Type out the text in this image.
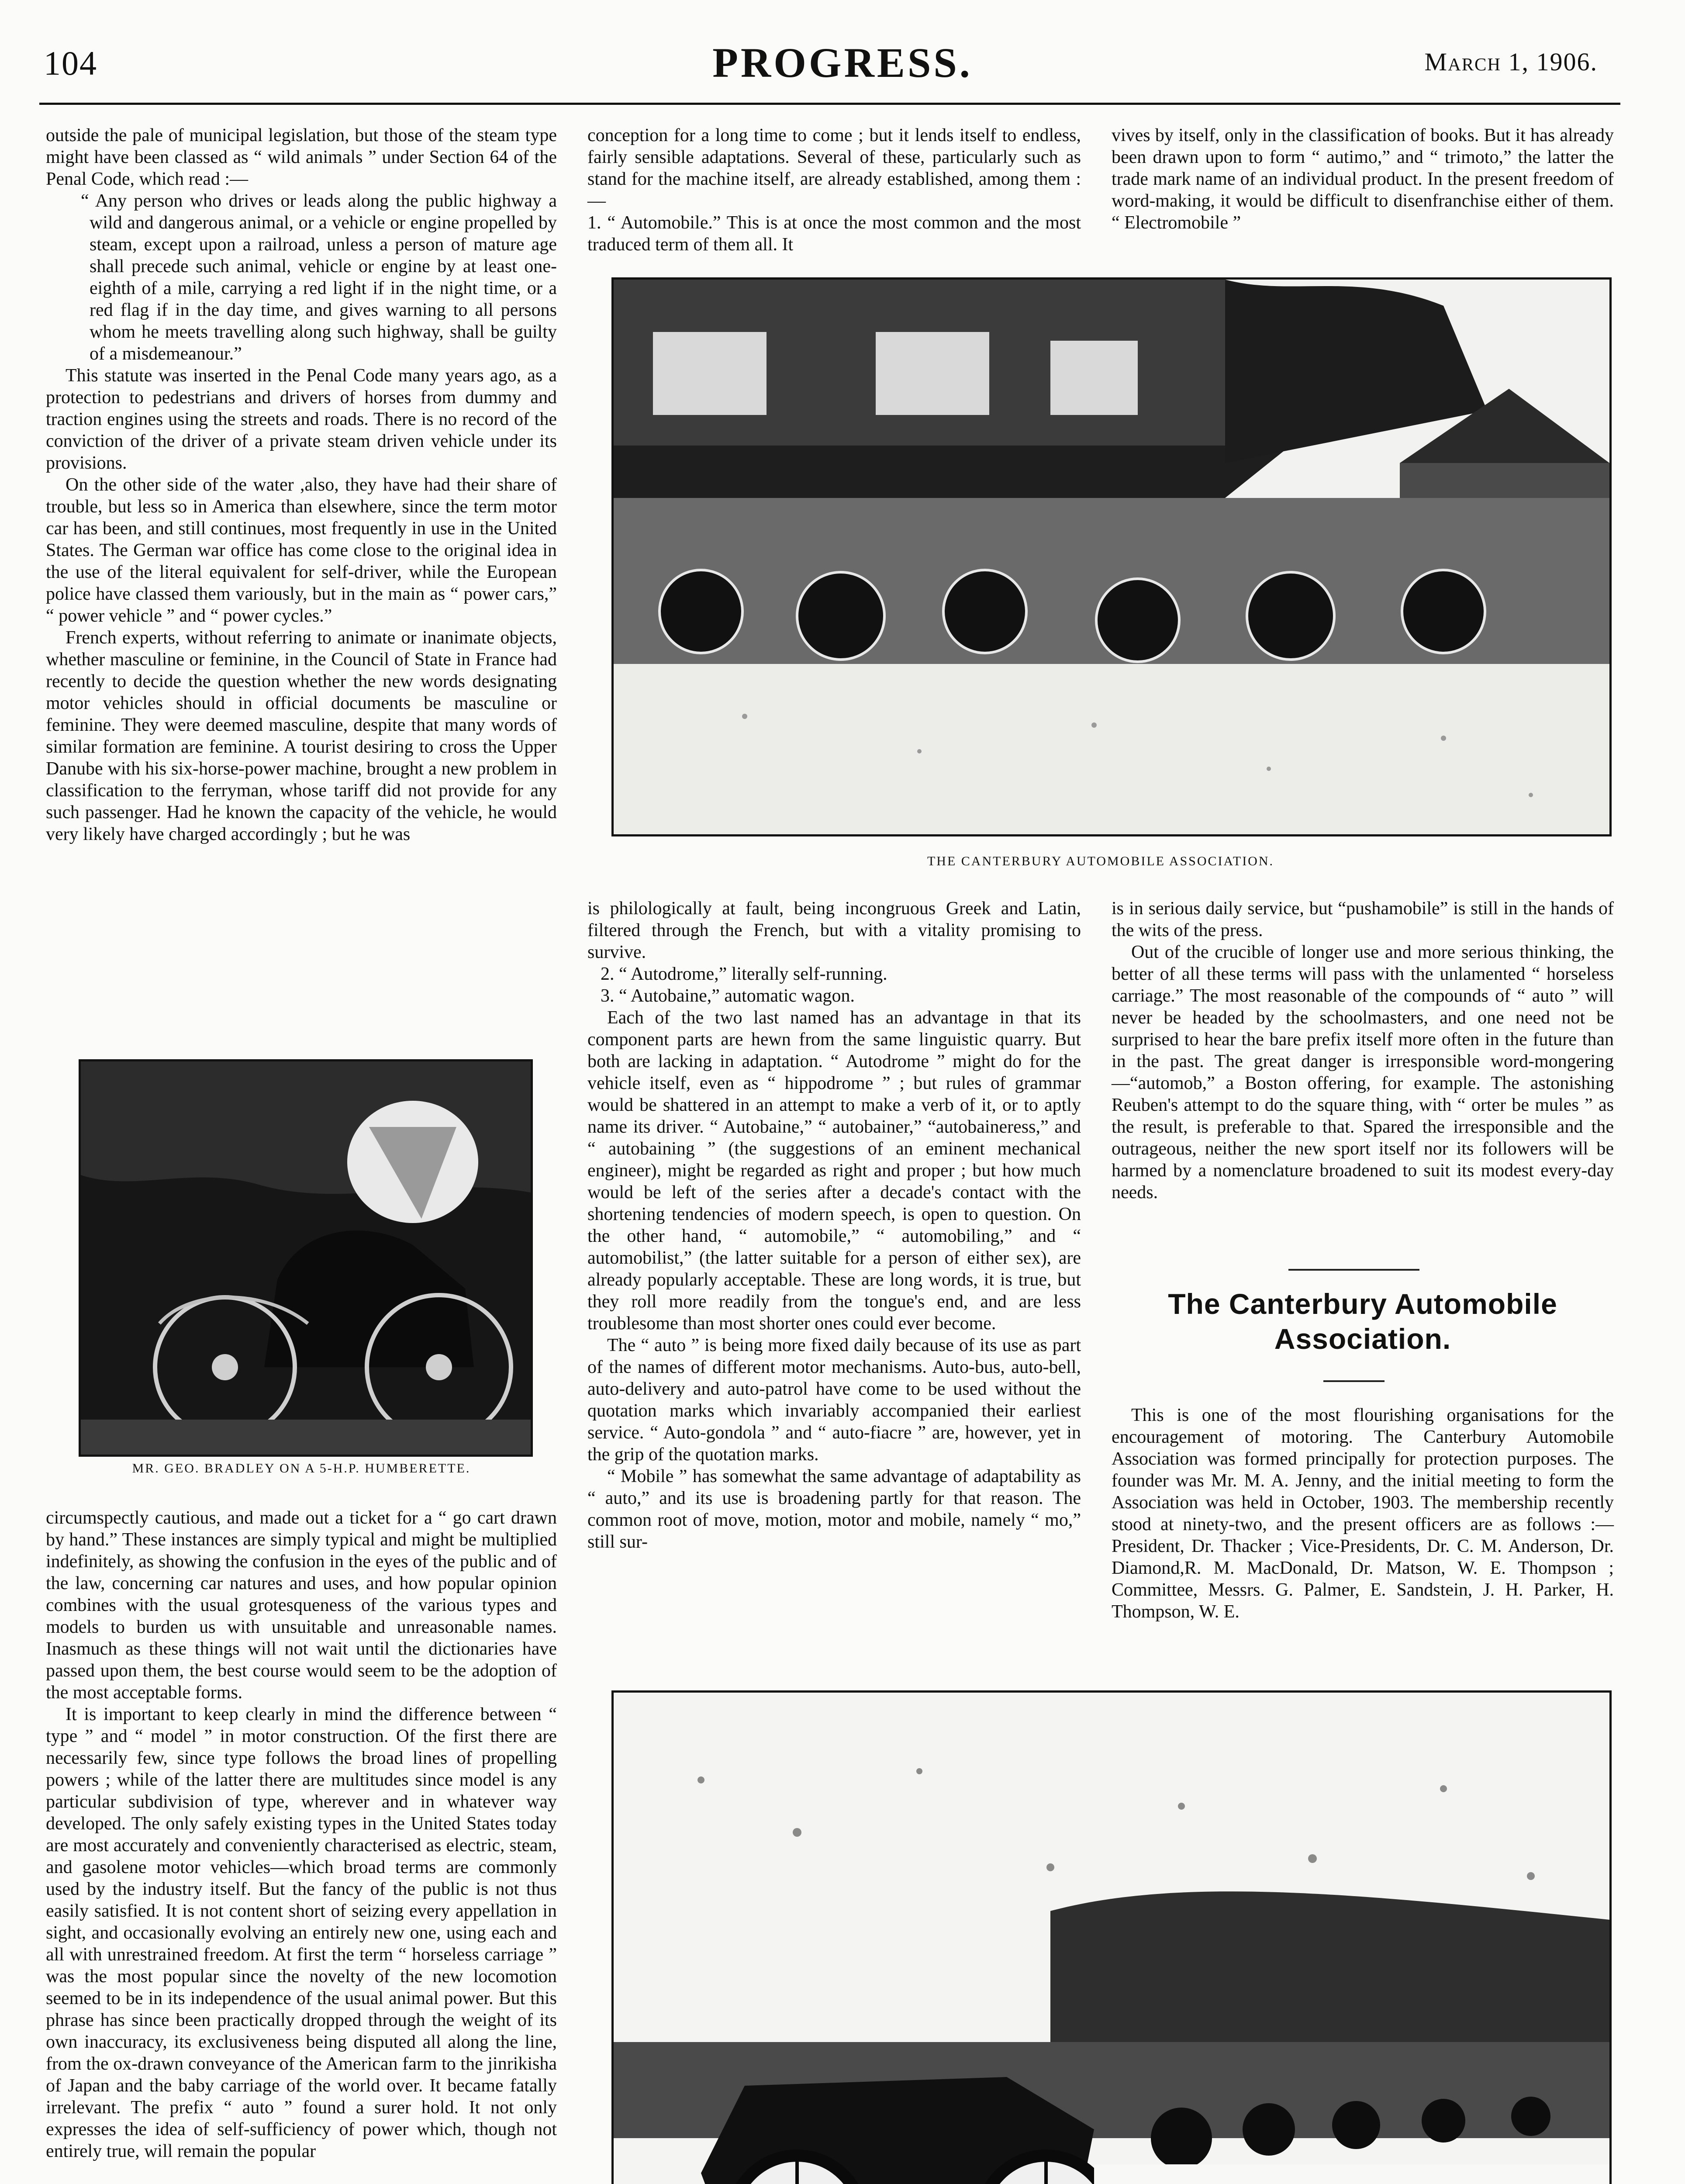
104	PROGRESS.	March 1, 1906.

outside the pale of municipal legislation, but those of the steam type might have been classed as “ wild animals ” under Section 64 of the Penal Code, which read :—

“ Any person who drives or leads along the public highway a wild and dangerous animal, or a vehicle or engine propelled by steam, except upon a railroad, unless a person of mature age shall precede such animal, vehicle or engine by at least one-eighth of a mile, carrying a red light if in the night time, or a red flag if in the day time, and gives warning to all persons whom he meets travelling along such highway, shall be guilty of a misdemeanour.”

This statute was inserted in the Penal Code many years ago, as a protection to pedestrians and drivers of horses from dummy and traction engines using the streets and roads. There is no record of the conviction of the driver of a private steam driven vehicle under its provisions.

On the other side of the water ,also, they have had their share of trouble, but less so in America than elsewhere, since the term motor car has been, and still continues, most frequently in use in the United States. The German war office has come close to the original idea in the use of the literal equivalent for self-driver, while the European police have classed them variously, but in the main as “ power cars,” “ power vehicle ” and “ power cycles.”

French experts, without referring to animate or inanimate objects, whether masculine or feminine, in the Council of State in France had recently to decide the question whether the new words designating motor vehicles should in official documents be masculine or feminine. They were deemed masculine, despite that many words of similar formation are feminine. A tourist desiring to cross the Upper Danube with his six-horse-power machine, brought a new problem in classification to the ferryman, whose tariff did not provide for any such passenger. Had he known the capacity of the vehicle, he would very likely have charged accordingly ; but he was

MR. GEO. BRADLEY ON A 5-H.P. HUMBERETTE.

circumspectly cautious, and made out a ticket for a “ go cart drawn by hand.” These instances are simply typical and might be multiplied indefinitely, as showing the confusion in the eyes of the public and of the law, concerning car natures and uses, and how popular opinion combines with the usual grotesqueness of the various types and models to burden us with unsuitable and unreasonable names. Inasmuch as these things will not wait until the dictionaries have passed upon them, the best course would seem to be the adoption of the most acceptable forms.

It is important to keep clearly in mind the difference between “ type ” and “ model ” in motor construction. Of the first there are necessarily few, since type follows the broad lines of propelling powers ; while of the latter there are multitudes since model is any particular subdivision of type, wherever and in whatever way developed. The only safely existing types in the United States today are most accurately and conveniently characterised as electric, steam, and gasolene motor vehicles—which broad terms are commonly used by the industry itself. But the fancy of the public is not thus easily satisfied. It is not content short of seizing every appellation in sight, and occasionally evolving an entirely new one, using each and all with unrestrained freedom. At first the term “ horseless carriage ” was the most popular since the novelty of the new locomotion seemed to be in its independence of the usual animal power. But this phrase has since been practically dropped through the weight of its own inaccuracy, its exclusiveness being disputed all along the line, from the ox-drawn conveyance of the American farm to the jinrikisha of Japan and the baby carriage of the world over. It became fatally irrelevant. The prefix “ auto ” found a surer hold. It not only expresses the idea of self-sufficiency of power which, though not entirely true, will remain the popular

conception for a long time to come ; but it lends itself to endless, fairly sensible adaptations. Several of these, particularly such as stand for the machine itself, are already established, among them :—

1. “ Automobile.” This is at once the most common and the most traduced term of them all. It

vives by itself, only in the classification of books. But it has already been drawn upon to form “ autimo,” and “ trimoto,” the latter the trade mark name of an individual product. In the present freedom of word-making, it would be difficult to disenfranchise either of them. “ Electromobile ”

THE CANTERBURY AUTOMOBILE ASSOCIATION.

is philologically at fault, being incongruous Greek and Latin, filtered through the French, but with a vitality promising to survive.

2. “ Autodrome,” literally self-running.

3. “ Autobaine,” automatic wagon.

Each of the two last named has an advantage in that its component parts are hewn from the same linguistic quarry. But both are lacking in adaptation. “ Autodrome ” might do for the vehicle itself, even as “ hippodrome ” ; but rules of grammar would be shattered in an attempt to make a verb of it, or to aptly name its driver. “ Autobaine,” “ autobainer,” “autobaineress,” and “ autobaining ” (the suggestions of an eminent mechanical engineer), might be regarded as right and proper ; but how much would be left of the series after a decade's contact with the shortening tendencies of modern speech, is open to question. On the other hand, “ automobile,” “ automobiling,” and “ automobilist,” (the latter suitable for a person of either sex), are already popularly acceptable. These are long words, it is true, but they roll more readily from the tongue's end, and are less troublesome than most shorter ones could ever become.

The “ auto ” is being more fixed daily because of its use as part of the names of different motor mechanisms. Auto-bus, auto-bell, auto-delivery and auto-patrol have come to be used without the quotation marks which invariably accompanied their earliest service. “ Auto-gondola ” and “ auto-fiacre ” are, however, yet in the grip of the quotation marks.

“ Mobile ” has somewhat the same advantage of adaptability as “ auto,” and its use is broadening partly for that reason. The common root of move, motion, motor and mobile, namely “ mo,” still sur-

is in serious daily service, but “pushamobile” is still in the hands of the wits of the press.

Out of the crucible of longer use and more serious thinking, the better of all these terms will pass with the unlamented “ horseless carriage.” The most reasonable of the compounds of “ auto ” will never be headed by the schoolmasters, and one need not be surprised to hear the bare prefix itself more often in the future than in the past. The great danger is irresponsible word-mongering—“automob,” a Boston offering, for example. The astonishing Reuben's attempt to do the square thing, with “ orter be mules ” as the result, is preferable to that. Spared the irresponsible and the outrageous, neither the new sport itself nor its followers will be harmed by a nomenclature broadened to suit its modest every-day needs.

The Canterbury Automobile Association.

This is one of the most flourishing organisations for the encouragement of motoring. The Canterbury Automobile Association was formed principally for protection purposes. The founder was Mr. M. A. Jenny, and the initial meeting to form the Association was held in October, 1903. The membership recently stood at ninety-two, and the present officers are as follows :—President, Dr. Thacker ; Vice-Presidents, Dr. C. M. Anderson, Dr. Diamond,R. M. MacDonald, Dr. Matson, W. E. Thompson ; Committee, Messrs. G. Palmer, E. Sandstein, J. H. Parker, H. Thompson, W. E.
